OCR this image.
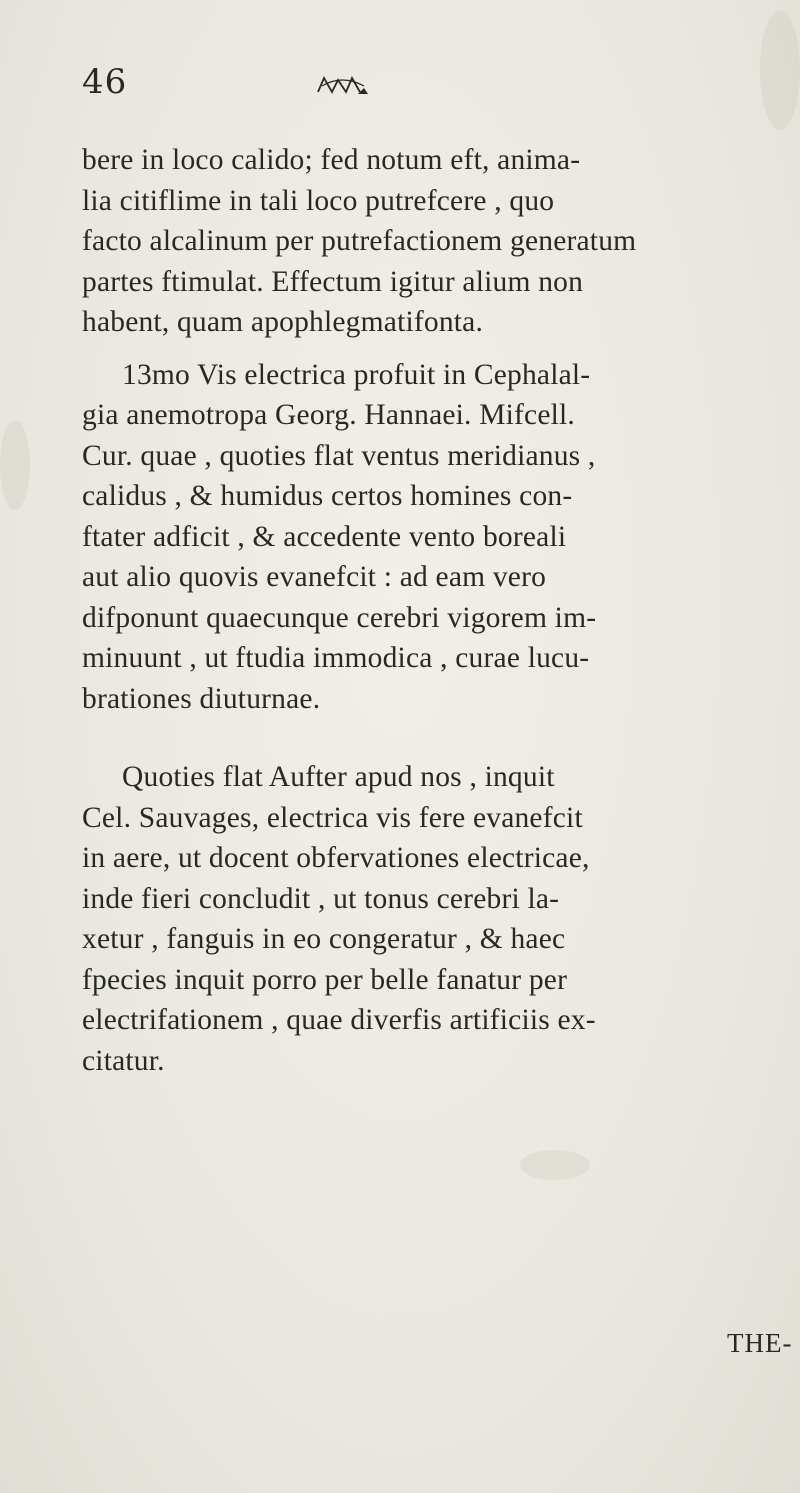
46

bere in loco calido; fed notum eft, anima-
lia citiflime in tali loco putrefcere , quo
facto alcalinum per putrefactionem generatum
partes ftimulat. Effectum igitur alium non
habent, quam apophlegmatifonta.

13mo Vis electrica profuit in Cephalal-
gia anemotropa Georg. Hannaei. Mifcell.
Cur. quae , quoties flat ventus meridianus ,
calidus , & humidus certos homines con-
ftater adficit , & accedente vento boreali
aut alio quovis evanefcit : ad eam vero
difponunt quaecunque cerebri vigorem im-
minuunt , ut ftudia immodica , curae lucu-
brationes diuturnae.

Quoties flat Aufter apud nos , inquit
Cel. Sauvages, electrica vis fere evanefcit
in aere, ut docent obfervationes electricae,
inde fieri concludit , ut tonus cerebri la-
xetur , fanguis in eo congeratur , & haec
fpecies inquit porro per belle fanatur per
electrifationem , quae diverfis artificiis ex-
citatur.

THE-
